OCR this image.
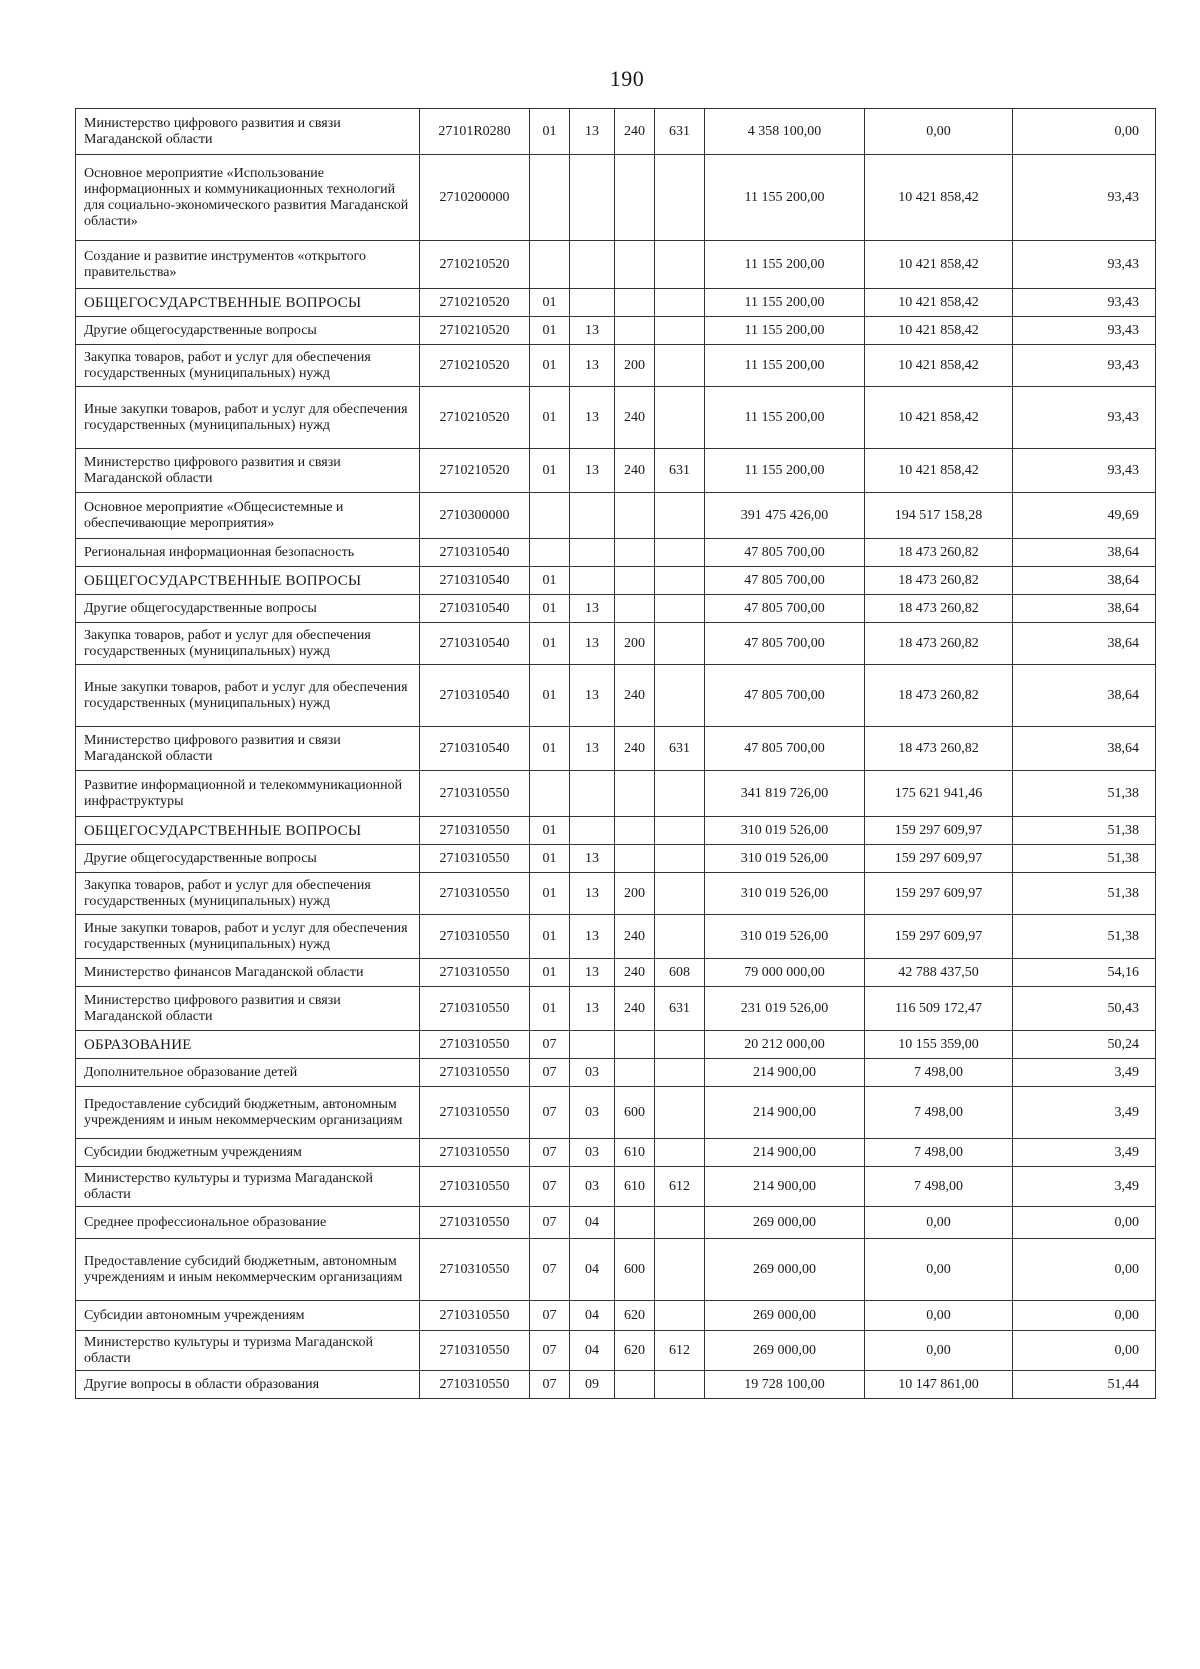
190
Министерство цифрового развития и связи Магаданской области	27101R0280	01	13	240	631	4 358 100,00	0,00	0,00
Основное мероприятие «Использование информационных и коммуникационных технологий для социально-экономического развития Магаданской области»	2710200000					11 155 200,00	10 421 858,42	93,43
Создание и развитие инструментов «открытого правительства»	2710210520					11 155 200,00	10 421 858,42	93,43
ОБЩЕГОСУДАРСТВЕННЫЕ ВОПРОСЫ	2710210520	01				11 155 200,00	10 421 858,42	93,43
Другие общегосударственные вопросы	2710210520	01	13			11 155 200,00	10 421 858,42	93,43
Закупка товаров, работ и услуг для обеспечения государственных (муниципальных) нужд	2710210520	01	13	200		11 155 200,00	10 421 858,42	93,43
Иные закупки товаров, работ и услуг для обеспечения государственных (муниципальных) нужд	2710210520	01	13	240		11 155 200,00	10 421 858,42	93,43
Министерство цифрового развития и связи Магаданской области	2710210520	01	13	240	631	11 155 200,00	10 421 858,42	93,43
Основное мероприятие «Общесистемные и обеспечивающие мероприятия»	2710300000					391 475 426,00	194 517 158,28	49,69
Региональная информационная безопасность	2710310540					47 805 700,00	18 473 260,82	38,64
ОБЩЕГОСУДАРСТВЕННЫЕ ВОПРОСЫ	2710310540	01				47 805 700,00	18 473 260,82	38,64
Другие общегосударственные вопросы	2710310540	01	13			47 805 700,00	18 473 260,82	38,64
Закупка товаров, работ и услуг для обеспечения государственных (муниципальных) нужд	2710310540	01	13	200		47 805 700,00	18 473 260,82	38,64
Иные закупки товаров, работ и услуг для обеспечения государственных (муниципальных) нужд	2710310540	01	13	240		47 805 700,00	18 473 260,82	38,64
Министерство цифрового развития и связи Магаданской области	2710310540	01	13	240	631	47 805 700,00	18 473 260,82	38,64
Развитие информационной и телекоммуникационной инфраструктуры	2710310550					341 819 726,00	175 621 941,46	51,38
ОБЩЕГОСУДАРСТВЕННЫЕ ВОПРОСЫ	2710310550	01				310 019 526,00	159 297 609,97	51,38
Другие общегосударственные вопросы	2710310550	01	13			310 019 526,00	159 297 609,97	51,38
Закупка товаров, работ и услуг для обеспечения государственных (муниципальных) нужд	2710310550	01	13	200		310 019 526,00	159 297 609,97	51,38
Иные закупки товаров, работ и услуг для обеспечения государственных (муниципальных) нужд	2710310550	01	13	240		310 019 526,00	159 297 609,97	51,38
Министерство финансов Магаданской области	2710310550	01	13	240	608	79 000 000,00	42 788 437,50	54,16
Министерство цифрового развития и связи Магаданской области	2710310550	01	13	240	631	231 019 526,00	116 509 172,47	50,43
ОБРАЗОВАНИЕ	2710310550	07				20 212 000,00	10 155 359,00	50,24
Дополнительное образование детей	2710310550	07	03			214 900,00	7 498,00	3,49
Предоставление субсидий бюджетным, автономным учреждениям и иным некоммерческим организациям	2710310550	07	03	600		214 900,00	7 498,00	3,49
Субсидии бюджетным учреждениям	2710310550	07	03	610		214 900,00	7 498,00	3,49
Министерство культуры и туризма Магаданской области	2710310550	07	03	610	612	214 900,00	7 498,00	3,49
Среднее профессиональное образование	2710310550	07	04			269 000,00	0,00	0,00
Предоставление субсидий бюджетным, автономным учреждениям и иным некоммерческим организациям	2710310550	07	04	600		269 000,00	0,00	0,00
Субсидии автономным учреждениям	2710310550	07	04	620		269 000,00	0,00	0,00
Министерство культуры и туризма Магаданской области	2710310550	07	04	620	612	269 000,00	0,00	0,00
Другие вопросы в области образования	2710310550	07	09			19 728 100,00	10 147 861,00	51,44
